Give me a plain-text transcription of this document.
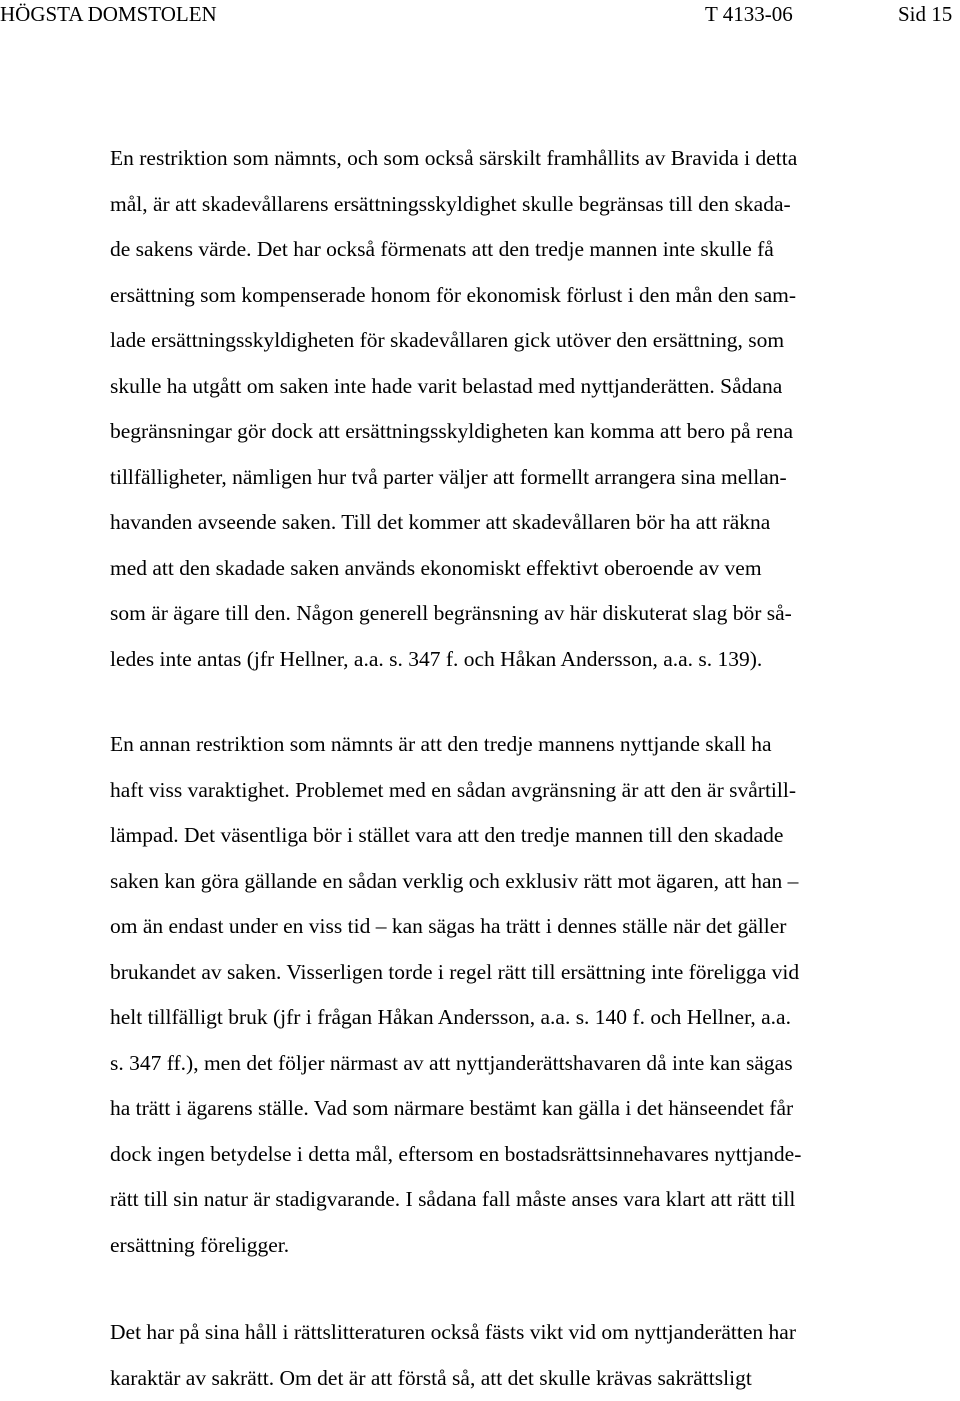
HÖGSTA DOMSTOLEN	T 4133-06	Sid 15
En restriktion som nämnts, och som också särskilt framhållits av Bravida i detta
mål, är att skadevållarens ersättningsskyldighet skulle begränsas till den skada-
de sakens värde. Det har också förmenats att den tredje mannen inte skulle få
ersättning som kompenserade honom för ekonomisk förlust i den mån den sam-
lade ersättningsskyldigheten för skadevållaren gick utöver den ersättning, som
skulle ha utgått om saken inte hade varit belastad med nyttjanderätten. Sådana
begränsningar gör dock att ersättningsskyldigheten kan komma att bero på rena
tillfälligheter, nämligen hur två parter väljer att formellt arrangera sina mellan-
havanden avseende saken. Till det kommer att skadevållaren bör ha att räkna
med att den skadade saken används ekonomiskt effektivt oberoende av vem
som är ägare till den. Någon generell begränsning av här diskuterat slag bör så-
ledes inte antas (jfr Hellner, a.a. s. 347 f. och Håkan Andersson, a.a. s. 139).
En annan restriktion som nämnts är att den tredje mannens nyttjande skall ha
haft viss varaktighet. Problemet med en sådan avgränsning är att den är svårtill-
lämpad. Det väsentliga bör i stället vara att den tredje mannen till den skadade
saken kan göra gällande en sådan verklig och exklusiv rätt mot ägaren, att han –
om än endast under en viss tid – kan sägas ha trätt i dennes ställe när det gäller
brukandet av saken. Visserligen torde i regel rätt till ersättning inte föreligga vid
helt tillfälligt bruk (jfr i frågan Håkan Andersson, a.a. s. 140 f. och Hellner, a.a.
s. 347 ff.), men det följer närmast av att nyttjanderättshavaren då inte kan sägas
ha trätt i ägarens ställe. Vad som närmare bestämt kan gälla i det hänseendet får
dock ingen betydelse i detta mål, eftersom en bostadsrättsinnehavares nyttjande-
rätt till sin natur är stadigvarande. I sådana fall måste anses vara klart att rätt till
ersättning föreligger.
Det har på sina håll i rättslitteraturen också fästs vikt vid om nyttjanderätten har
karaktär av sakrätt. Om det är att förstå så, att det skulle krävas sakrättsligt
